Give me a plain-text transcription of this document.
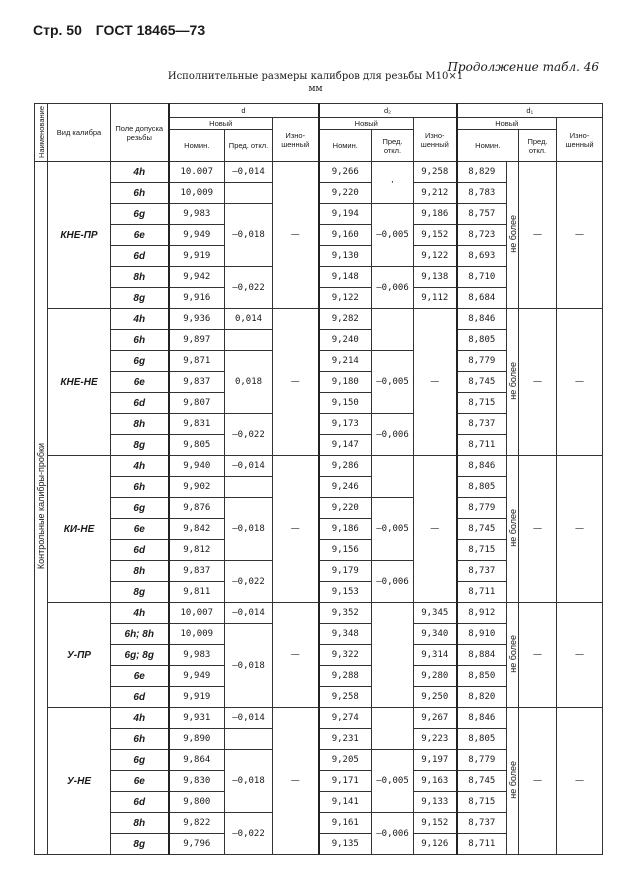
Стр. 50 ГОСТ 18465—73
Продолжение табл. 46
Исполнительные размеры калибров для резьбы М10×1
мм
Наименование	Вид калибра	Поле допуска резьбы	d			d₂			d₁			
			Новый		Изно-шенный	Новый		Изно-шенный	Новый			Изно-шенный
			Номин.	Пред. откл.		Номин.	Пред. откл.		Номин.		Пред. откл.	
Контрольные калибры-пробки	КНЕ-ПР	4h	10.007	—0,014	—	9,266	·	9,258	8,829	не более	—	—
		6h	10,009			9,220		9,212	8,783			
		6g	9,983	—0,018		9,194	—0,005	9,186	8,757			
		6e	9,949			9,160		9,152	8,723			
		6d	9,919			9,130		9,122	8,693			
		8h	9,942	—0,022		9,148	—0,006	9,138	8,710			
		8g	9,916			9,122		9,112	8,684			
	КНЕ-НЕ	4h	9,936	0,014	—	9,282		—	8,846	не более	—	—
		6h	9,897			9,240			8,805			
		6g	9,871	0,018		9,214	—0,005		8,779			
		6e	9,837			9,180			8,745			
		6d	9,807			9,150			8,715			
		8h	9,831	—0,022		9,173	—0,006		8,737			
		8g	9,805			9,147			8,711			
	КИ-НЕ	4h	9,940	—0,014	—	9,286		—	8,846	не более	—	—
		6h	9,902			9,246			8,805			
		6g	9,876	—0,018		9,220	—0,005		8,779			
		6e	9,842			9,186			8,745			
		6d	9,812			9,156			8,715			
		8h	9,837	—0,022		9,179	—0,006		8,737			
		8g	9,811			9,153			8,711			
	У-ПР	4h	10,007	—0,014	—	9,352		9,345	8,912	не более	—	—
		6h; 8h	10,009	—0,018		9,348		9,340	8,910			
		6g; 8g	9,983			9,322		9,314	8,884			
		6e	9,949			9,288		9,280	8,850			
		6d	9,919			9,258		9,250	8,820			
	У-НЕ	4h	9,931	—0,014	—	9,274		9,267	8,846	не более	—	—
		6h	9,890			9,231		9,223	8,805			
		6g	9,864	—0,018		9,205	—0,005	9,197	8,779			
		6e	9,830			9,171		9,163	8,745			
		6d	9,800			9,141		9,133	8,715			
		8h	9,822	—0,022		9,161	—0,006	9,152	8,737			
		8g	9,796			9,135		9,126	8,711			
